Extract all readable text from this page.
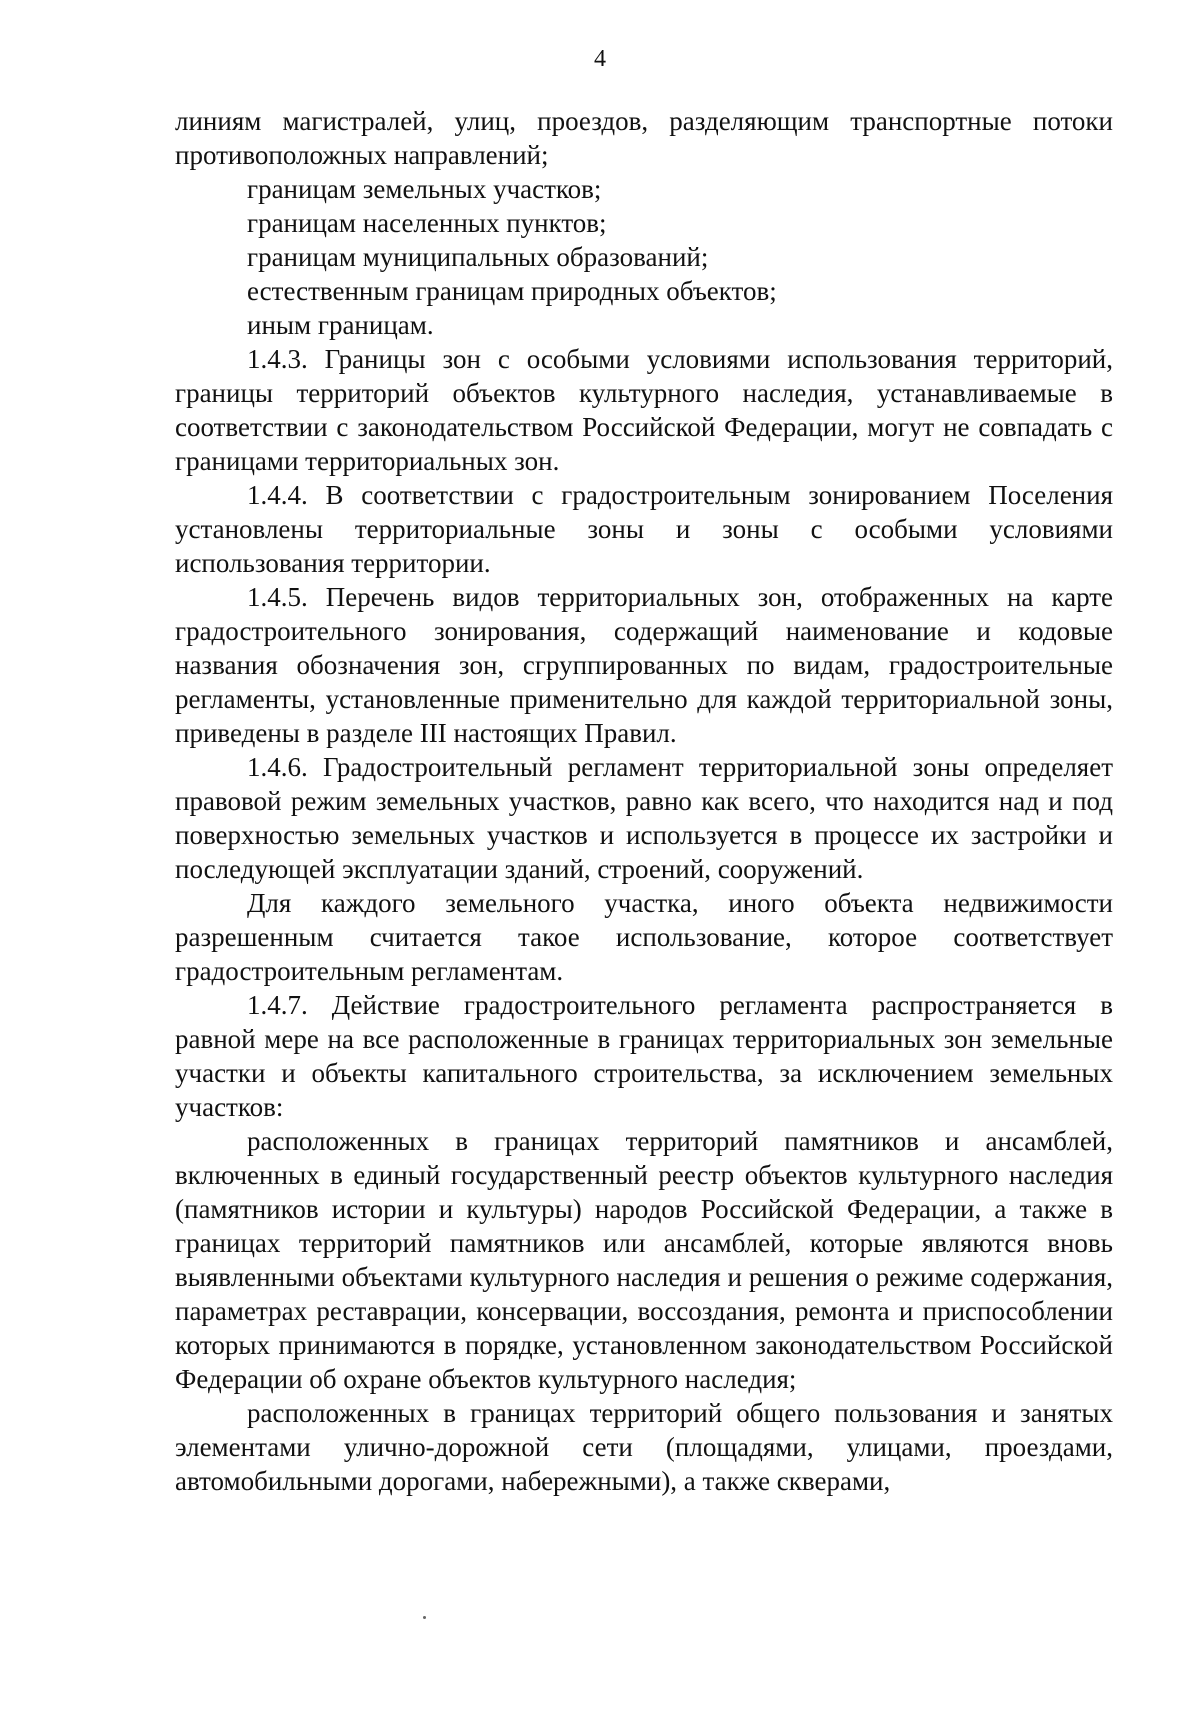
4

линиям магистралей, улиц, проездов, разделяющим транспортные потоки противоположных направлений;

границам земельных участков;

границам населенных пунктов;

границам муниципальных образований;

естественным границам природных объектов;

иным границам.

1.4.3. Границы зон с особыми условиями использования территорий, границы территорий объектов культурного наследия, устанавливаемые в соответствии с законодательством Российской Федерации, могут не совпадать с границами территориальных зон.

1.4.4. В соответствии с градостроительным зонированием Поселения установлены территориальные зоны и зоны с особыми условиями использования территории.

1.4.5. Перечень видов территориальных зон, отображенных на карте градостроительного зонирования, содержащий наименование и кодовые названия обозначения зон, сгруппированных по видам, градостроительные регламенты, установленные применительно для каждой территориальной зоны, приведены в разделе III настоящих Правил.

1.4.6. Градостроительный регламент территориальной зоны определяет правовой режим земельных участков, равно как всего, что находится над и под поверхностью земельных участков и используется в процессе их застройки и последующей эксплуатации зданий, строений, сооружений.

Для каждого земельного участка, иного объекта недвижимости разрешенным считается такое использование, которое соответствует градостроительным регламентам.

1.4.7. Действие градостроительного регламента распространяется в равной мере на все расположенные в границах территориальных зон земельные участки и объекты капитального строительства, за исключением земельных участков:

расположенных в границах территорий памятников и ансамблей, включенных в единый государственный реестр объектов культурного наследия (памятников истории и культуры) народов Российской Федерации, а также в границах территорий памятников или ансамблей, которые являются вновь выявленными объектами культурного наследия и решения о режиме содержания, параметрах реставрации, консервации, воссоздания, ремонта и приспособлении которых принимаются в порядке, установленном законодательством Российской Федерации об охране объектов культурного наследия;

расположенных в границах территорий общего пользования и занятых элементами улично-дорожной сети (площадями, улицами, проездами, автомобильными дорогами, набережными), а также скверами,
